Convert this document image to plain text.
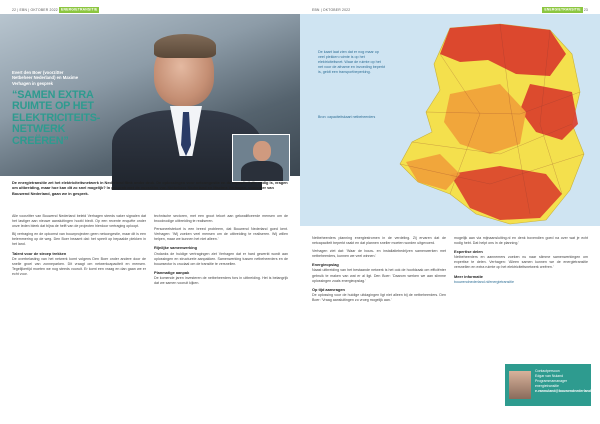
22 | EBN | OKTOBER 2022 ENERGIETRANSITIE
Evert den Boer (voorzitter Netbeheer Nederland) en Maxime Verhagen in gesprek
“SAMEN EXTRA
RUIMTE OP HET
ELEKTRICITEITS-
NETWERK
CREËREN”
De energietransitie zet het elektriciteitsnetwerk in Nederland flink onder druk. De oplossingen voor netcongestie en de capaciteit die nodig is, vragen om uitbreiding, maar hoe kan dit zo snel mogelijk? In gesprek met de voorzitter van Netbeheer Nederland en Maxime Verhagen, voorzitter van Bouwend Nederland, gaan we in gesprek.

Alle voorzitter van Bouwend Nederland beleid Verhagen steeds vaker signalen dat het lastiger aan nieuwe aansluitingen hoofd biedt. Op een recente enquête onder onze leden bleek dat bijna de helft van de projecten hierdoor vertraging oploopt.

Bij vertraging en de opkomst van bouwprojecten geen netcongestie, maar dit is een belemmering op de weg. Den Boer beaamt dat: het speelt op bepaalde plekken in het land.

Talent voor de stroep trekken

De overbelasting van het netwerk komt volgens Den Boer onder andere door de snelle groei van zonneparken. Dit vraagt om netwerkcapaciteit en mensen. Tegelijkertijd moeten we nog steeds vooruit. Er komt een vraag en dan gaan we er echt voor.

technische sectoren, met een groot tekort aan gekwalificeerde mensen om de broodnodige uitbreiding te realiseren.

Personeelstekort is een breed probleem, dat Bouwend Nederland goed kent. Verhagen: 'Wij zoeken veel mensen om de uitbreiding te realiseren. Wij willen helpen, maar we kunnen het niet alleen.'

Rijnlijke samenwerking

Ondanks de huidige vertragingen ziet Verhagen dat er hard gewerkt wordt aan oplossingen en structurele aanpakken. Samenwerking tussen netbeheerders en de bouwsector is cruciaal om de transitie te versnellen.

Planmatige aanpak

De komende jaren investeren de netbeheerders fors in uitbreiding. Het is belangrijk dat we samen vooruit kijken.

EBN | OKTOBER 2022	ENERGIETRANSITIE 23
De kaart laat zien dat er nog maar op veel plekken ruimte is op het elektriciteitsnet. Waar de ruimte op het net voor de afname en invoeding beperkt is, geldt een transportbeperking.
Bron: capaciteitskaart netbeheerders

Netbeheerders planning energiestromen in de verdeling. Zij ervaren dat de netcapaciteit beperkt raakt en dat plannen sneller moeten worden uitgevoerd.

Verhagen ziet dat: 'Waar de bouw- en installatiebedrijven samenwerken met netbeheerders, kunnen we veel winnen.'

Energieopslag

Naast uitbreiding van het bestaande netwerk is het ook de hoofdzaak om efficiënter gebruik te maken van wat er al ligt. Den Boer: 'Daarom werken we aan slimme oplossingen zoals energieopslag.'

Op tijd aanvragen

De oplossing voor de huidige uitdagingen ligt niet alleen bij de netbeheerders. Den Boer: 'Vraag aansluitingen zo vroeg mogelijk aan.'

mogelijk aan via mijnaansluiting.nl en denk bovendien goed na over wat je echt nodig hebt. Dat helpt ons in de planning.'

Expertise delen

Netbeheerders en aannemers zoeken nu naar slimme samenwerkingen om expertise te delen. Verhagen: 'Alleen samen kunnen we de energietransitie versnellen en extra ruimte op het elektriciteitsnetwerk creëren.'

Meer informatie

bouwendnederland.nl/energietransitie

Contactpersoon
Edgar van Nuland
Programmamanager energietransitie
e.vannuland@bouwendnederland.nl
